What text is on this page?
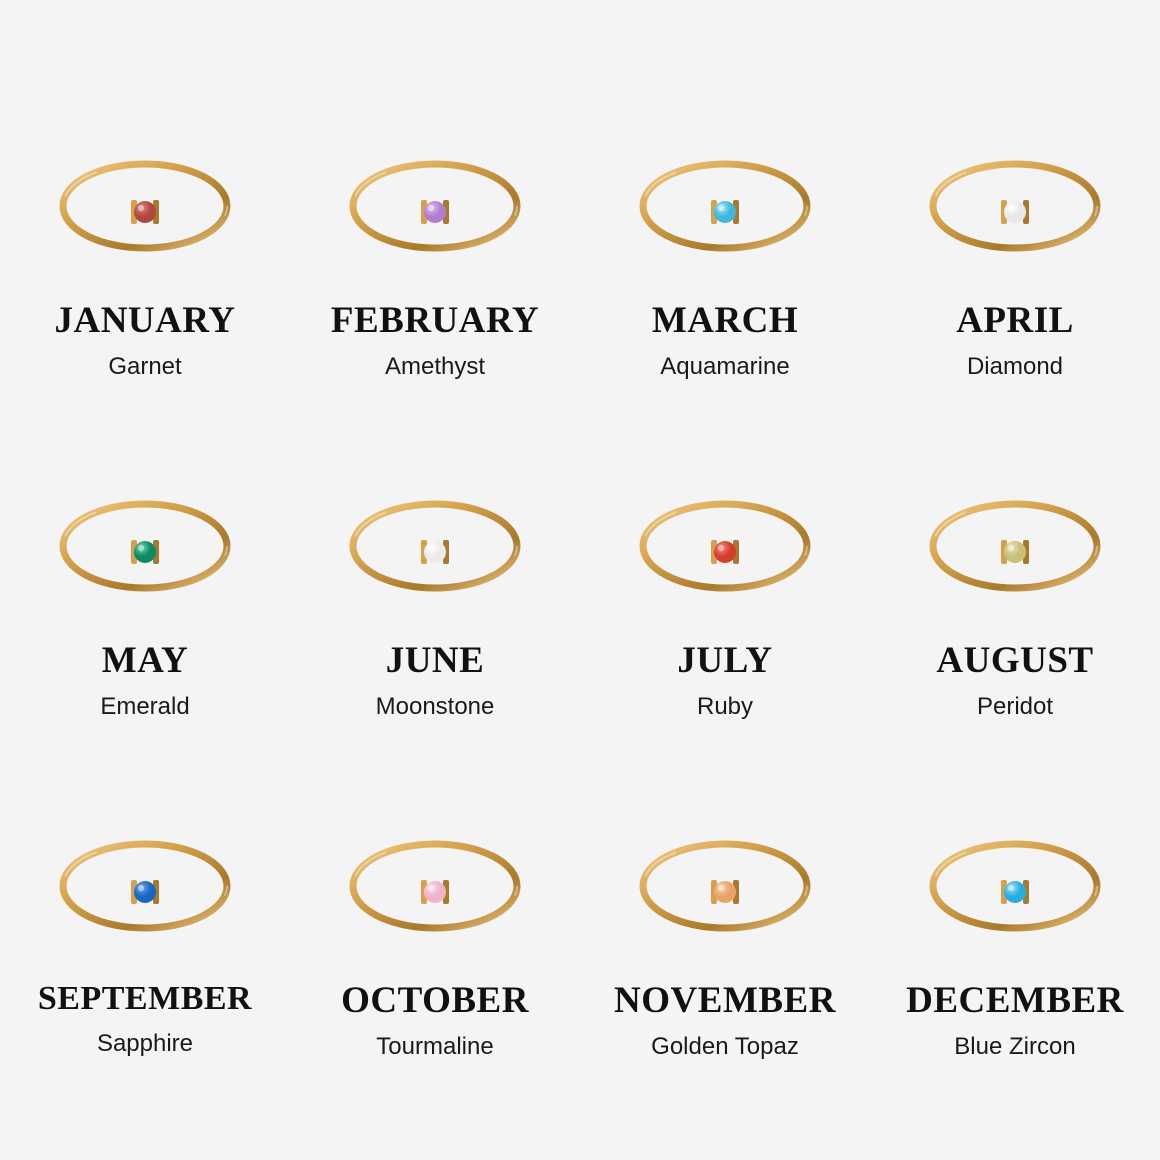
JANUARY
Garnet
FEBRUARY
Amethyst
MARCH
Aquamarine
APRIL
Diamond
MAY
Emerald
JUNE
Moonstone
JULY
Ruby
AUGUST
Peridot
SEPTEMBER
Sapphire
OCTOBER
Tourmaline
NOVEMBER
Golden Topaz
DECEMBER
Blue Zircon
